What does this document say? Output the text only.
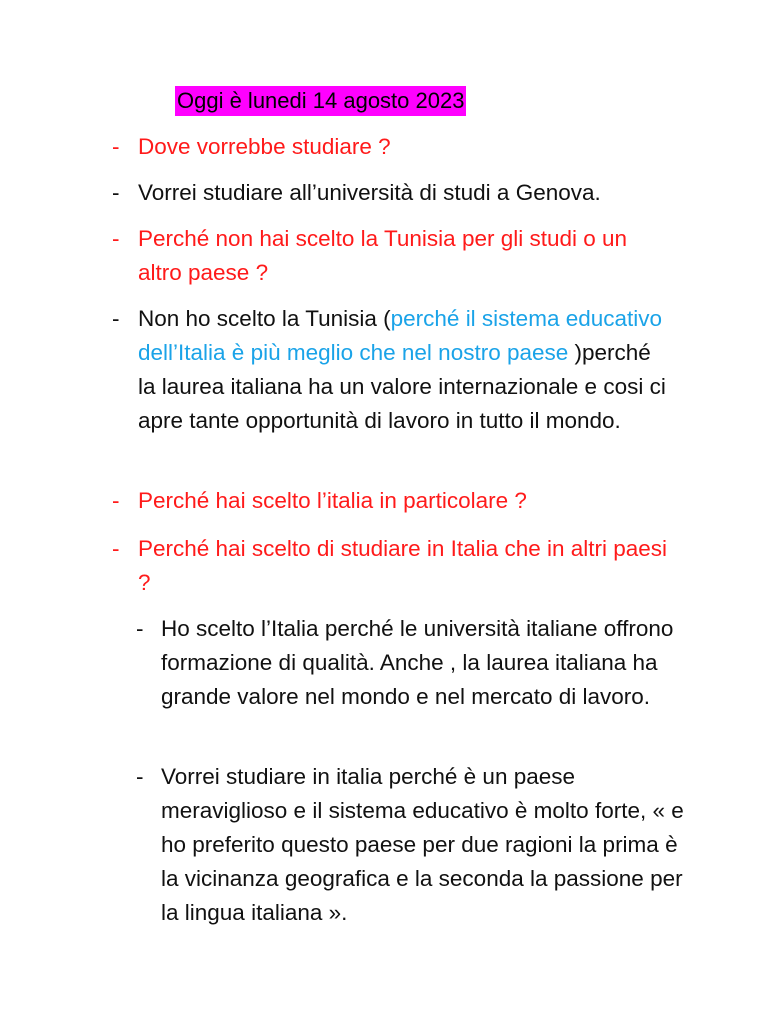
Oggi è lunedi 14 agosto 2023
- Dove vorrebbe studiare ?
- Vorrei studiare all’università di studi a Genova.
- Perché non hai scelto la Tunisia per gli studi o un altro paese ?
- Non ho scelto la Tunisia (perché il sistema educativo dell’Italia è più meglio che nel nostro paese )perché la laurea italiana ha un valore internazionale e cosi ci apre tante opportunità di lavoro in tutto il mondo.
- Perché hai scelto l’italia in particolare ?
- Perché hai scelto di studiare in Italia che in altri paesi ?
- Ho scelto l’Italia perché le università italiane offrono formazione di qualità. Anche , la laurea italiana ha grande valore nel mondo e nel mercato di lavoro.
- Vorrei studiare in italia perché è un paese meraviglioso e il sistema educativo è molto forte, « e ho preferito questo paese per due ragioni la prima è la vicinanza geografica e la seconda la passione per la lingua italiana ».
